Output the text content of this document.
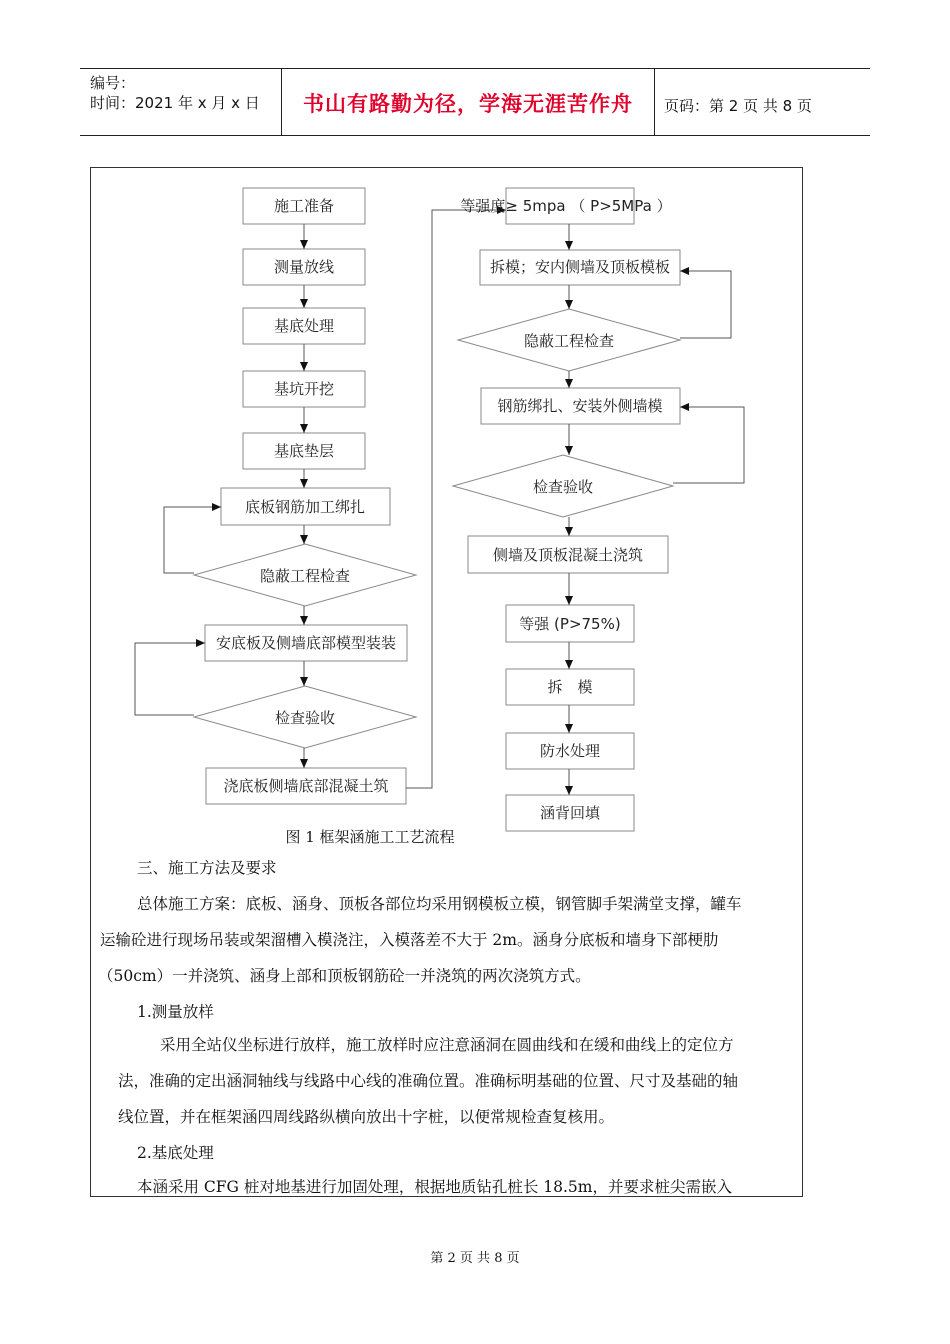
编号：
时间：2021 年 x 月 x 日	书山有路勤为径，学海无涯苦作舟	页码：第 2 页 共 8 页
施工准备
测量放线
基底处理
基坑开挖
基底垫层
底板钢筋加工绑扎
隐蔽工程检查
安底板及侧墙底部模型装装
检查验收
浇底板侧墙底部混凝土筑
等强度≥ 5mpa （ P>5MPa ）
拆模；安内侧墙及顶板模板
隐蔽工程检查
钢筋绑扎、安装外侧墙模
检查验收
侧墙及顶板混凝土浇筑
等强 (P>75%)
拆　模
防水处理
涵背回填
图 1 框架涵施工工艺流程
三、施工方法及要求
总体施工方案：底板、涵身、顶板各部位均采用钢模板立模，钢管脚手架满堂支撑，罐车
运输砼进行现场吊装或架溜槽入模浇注，入模落差不大于 2m。涵身分底板和墙身下部梗肋
（50cm）一并浇筑、涵身上部和顶板钢筋砼一并浇筑的两次浇筑方式。
1.测量放样
采用全站仪坐标进行放样，施工放样时应注意涵洞在圆曲线和在缓和曲线上的定位方
法，准确的定出涵洞轴线与线路中心线的准确位置。准确标明基础的位置、尺寸及基础的轴
线位置，并在框架涵四周线路纵横向放出十字桩，以便常规检查复核用。
2.基底处理
本涵采用 CFG 桩对地基进行加固处理，根据地质钻孔桩长 18.5m，并要求桩尖需嵌入
第 2 页 共 8 页
